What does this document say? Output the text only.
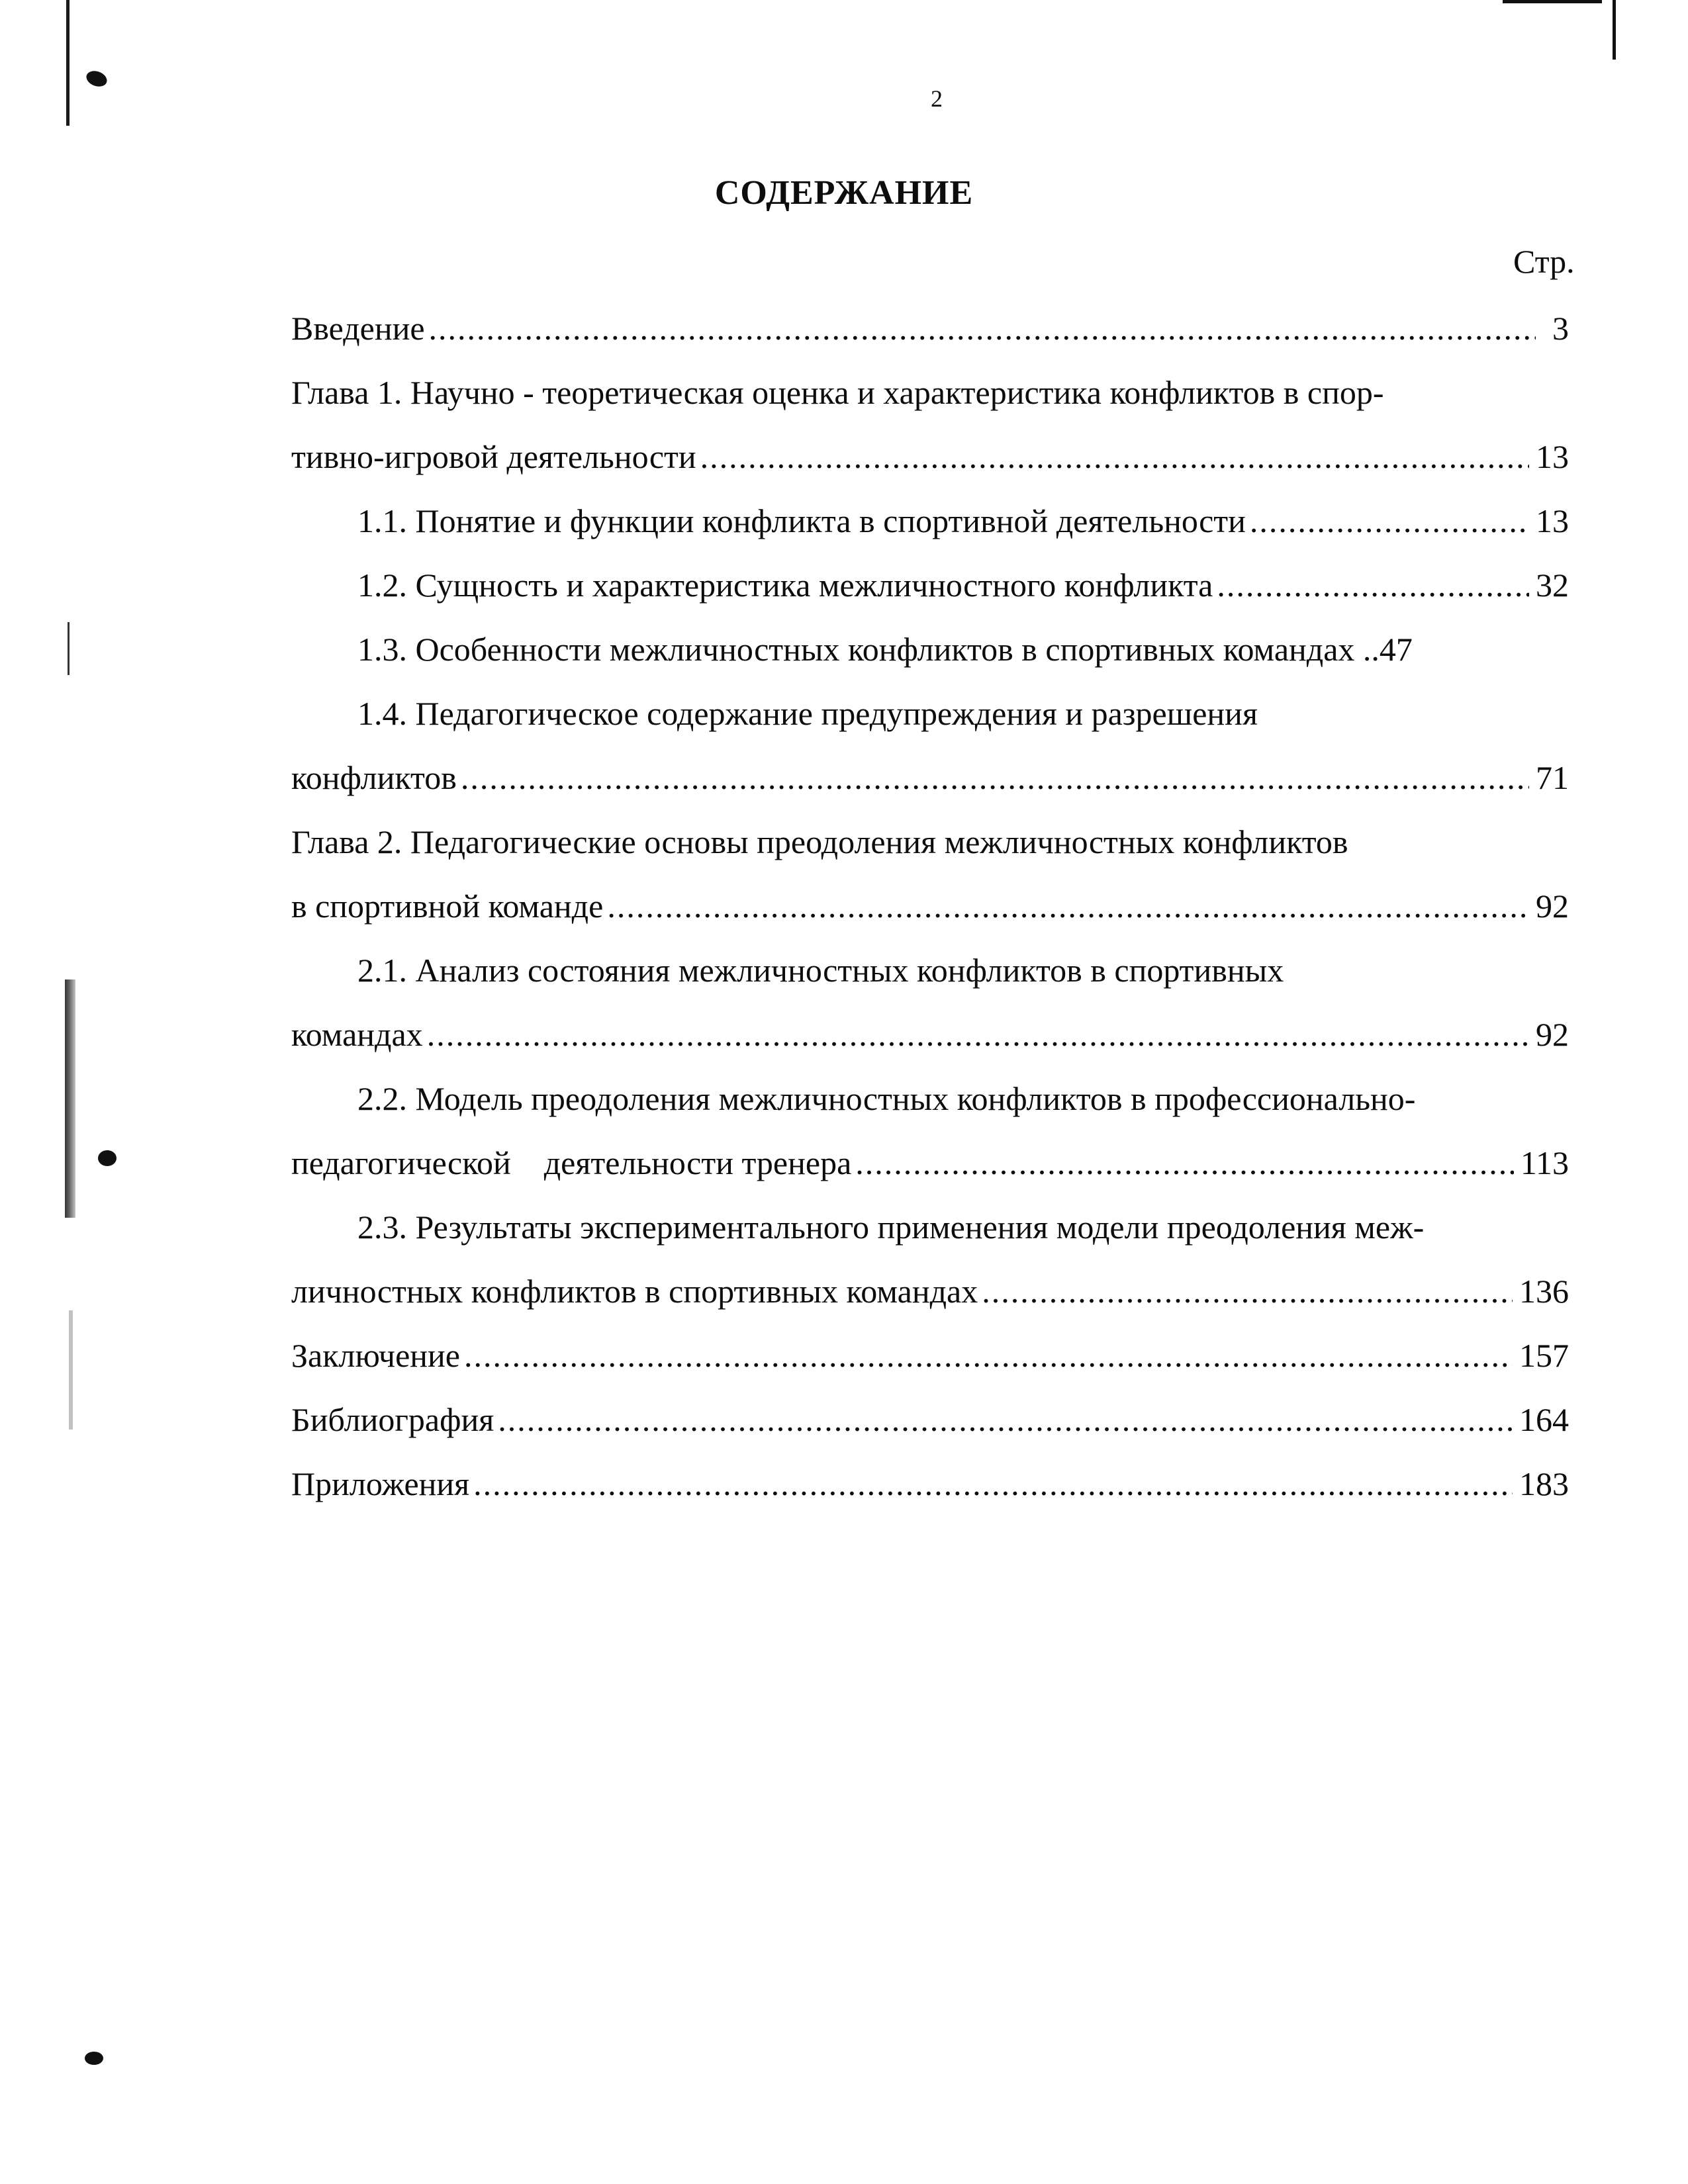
2
СОДЕРЖАНИЕ
Стр.
Введение .....	3
Глава 1. Научно - теоретическая оценка и характеристика конфликтов в спор-
тивно-игровой деятельности .....	13
1.1. Понятие и функции конфликта в спортивной деятельности .....	13
1.2. Сущность и характеристика межличностного конфликта .....	32
1.3. Особенности межличностных конфликтов в спортивных командах .. 47
1.4. Педагогическое содержание предупреждения и разрешения
конфликтов .....	71
Глава 2. Педагогические основы преодоления межличностных конфликтов
в спортивной команде .....	92
2.1. Анализ состояния межличностных конфликтов в спортивных
командах .....	92
2.2. Модель преодоления межличностных конфликтов в профессионально-
педагогической    деятельности тренера .....	113
2.3. Результаты экспериментального применения модели преодоления меж-
личностных конфликтов в спортивных командах .....	136
Заключение .....	157
Библиография .....	164
Приложения .....	183
